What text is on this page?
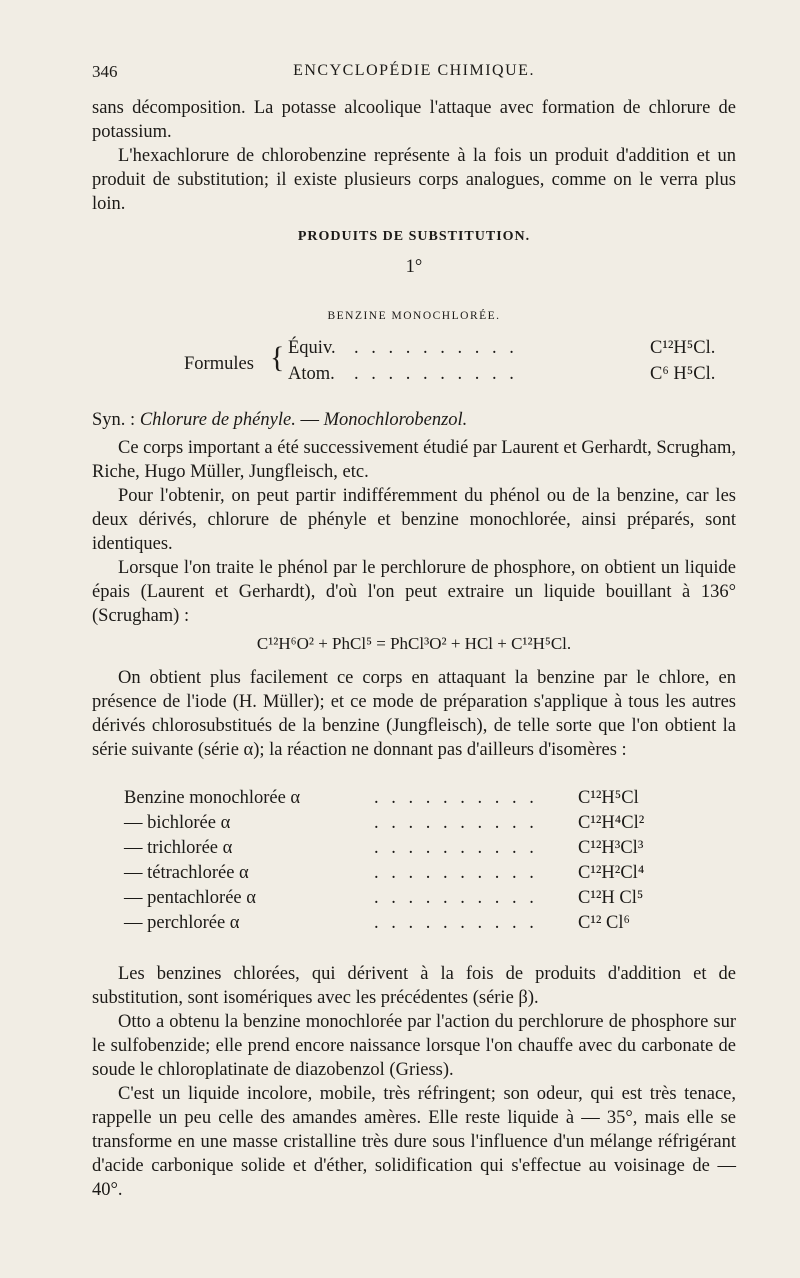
346	ENCYCLOPÉDIE CHIMIQUE.

sans décomposition. La potasse alcoolique l'attaque avec formation de chlorure de potassium.

L'hexachlorure de chlorobenzine représente à la fois un produit d'addition et un produit de substitution; il existe plusieurs corps analogues, comme on le verra plus loin.

PRODUITS DE SUBSTITUTION.
1°
BENZINE MONOCHLORÉE.
Formules { Équiv. . . . . . . . . . .	C¹²H⁵Cl.
Atom. . . . . . . . . . .	C⁶ H⁵Cl.
Syn. : Chlorure de phényle. — Monochlorobenzol.

Ce corps important a été successivement étudié par Laurent et Gerhardt, Scrugham, Riche, Hugo Müller, Jungfleisch, etc.

Pour l'obtenir, on peut partir indifféremment du phénol ou de la benzine, car les deux dérivés, chlorure de phényle et benzine monochlorée, ainsi préparés, sont identiques.

Lorsque l'on traite le phénol par le perchlorure de phosphore, on obtient un liquide épais (Laurent et Gerhardt), d'où l'on peut extraire un liquide bouillant à 136° (Scrugham) :

C¹²H⁶O² + PhCl⁵ = PhCl³O² + HCl + C¹²H⁵Cl.

On obtient plus facilement ce corps en attaquant la benzine par le chlore, en présence de l'iode (H. Müller); et ce mode de préparation s'applique à tous les autres dérivés chlorosubstitués de la benzine (Jungfleisch), de telle sorte que l'on obtient la série suivante (série α); la réaction ne donnant pas d'ailleurs d'isomères :

Benzine monochlorée α	. . . . . . . . . . C¹²H⁵Cl
— bichlorée α	. . . . . . . . . . C¹²H⁴Cl²
— trichlorée α	. . . . . . . . . . C¹²H³Cl³
— tétrachlorée α	. . . . . . . . . . C¹²H²Cl⁴
— pentachlorée α	. . . . . . . . . . C¹²H Cl⁵
— perchlorée α	. . . . . . . . . . C¹² Cl⁶

Les benzines chlorées, qui dérivent à la fois de produits d'addition et de substitution, sont isomériques avec les précédentes (série β).

Otto a obtenu la benzine monochlorée par l'action du perchlorure de phosphore sur le sulfobenzide; elle prend encore naissance lorsque l'on chauffe avec du carbonate de soude le chloroplatinate de diazobenzol (Griess).

C'est un liquide incolore, mobile, très réfringent; son odeur, qui est très tenace, rappelle un peu celle des amandes amères. Elle reste liquide à — 35°, mais elle se transforme en une masse cristalline très dure sous l'influence d'un mélange réfrigérant d'acide carbonique solide et d'éther, solidification qui s'effectue au voisinage de — 40°.
